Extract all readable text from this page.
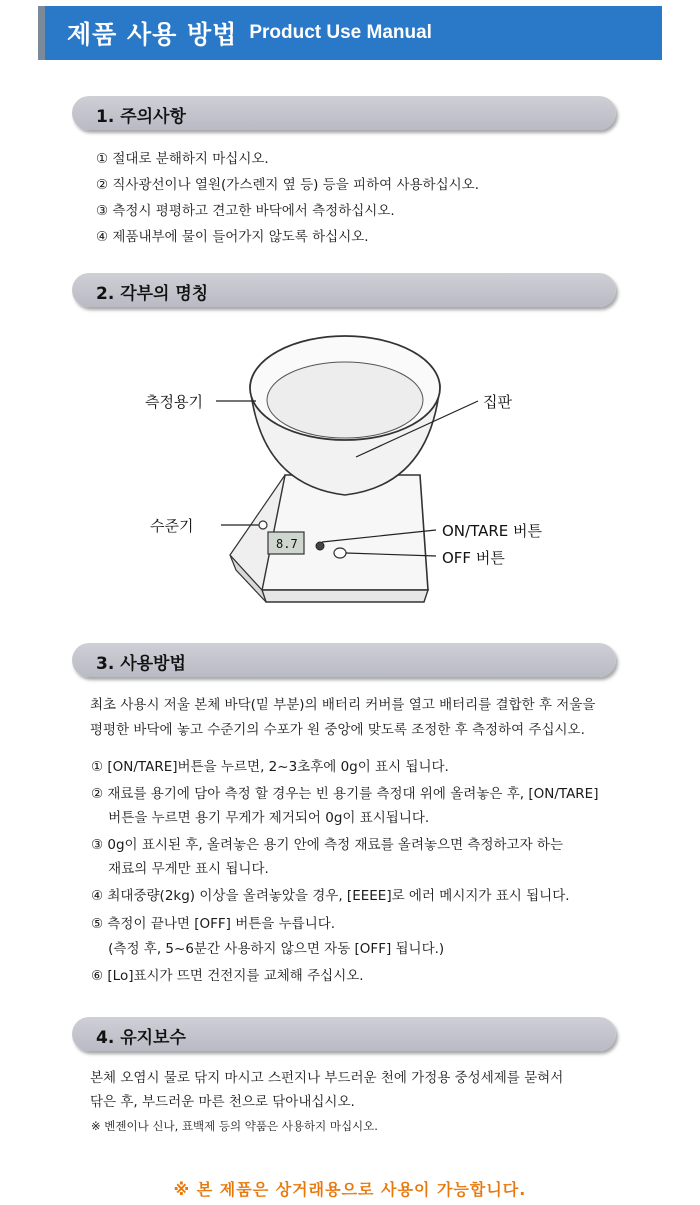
제품 사용 방법 Product Use Manual
1. 주의사항
① 절대로 분해하지 마십시오.
② 직사광선이나 열원(가스렌지 옆 등) 등을 피하여 사용하십시오.
③ 측정시 평평하고 견고한 바닥에서 측정하십시오.
④ 제품내부에 물이 들어가지 않도록 하십시오.
2. 각부의 명칭
8.7
측정용기	집판
수준기	ON/TARE 버튼
OFF 버튼
3. 사용방법
최초 사용시 저울 본체 바닥(밑 부분)의 배터리 커버를 열고 배터리를 결합한 후 저울을
평평한 바닥에 놓고 수준기의 수포가 원 중앙에 맞도록 조정한 후 측정하여 주십시오.
① [ON/TARE]버튼을 누르면, 2~3초후에 0g이 표시 됩니다.
② 재료를 용기에 담아 측정 할 경우는 빈 용기를 측정대 위에 올려놓은 후, [ON/TARE]
버튼을 누르면 용기 무게가 제거되어 0g이 표시됩니다.
③ 0g이 표시된 후, 올려놓은 용기 안에 측정 재료를 올려놓으면 측정하고자 하는
재료의 무게만 표시 됩니다.
④ 최대중량(2kg) 이상을 올려놓았을 경우, [EEEE]로 에러 메시지가 표시 됩니다.
⑤ 측정이 끝나면 [OFF] 버튼을 누릅니다.
(측정 후, 5~6분간 사용하지 않으면 자동 [OFF] 됩니다.)
⑥ [Lo]표시가 뜨면 건전지를 교체해 주십시오.
4. 유지보수
본체 오염시 물로 닦지 마시고 스펀지나 부드러운 천에 가정용 중성세제를 묻혀서
닦은 후, 부드러운 마른 천으로 닦아내십시오.
※ 벤젠이나 신나, 표백제 등의 약품은 사용하지 마십시오.
※ 본 제품은 상거래용으로 사용이 가능합니다.
